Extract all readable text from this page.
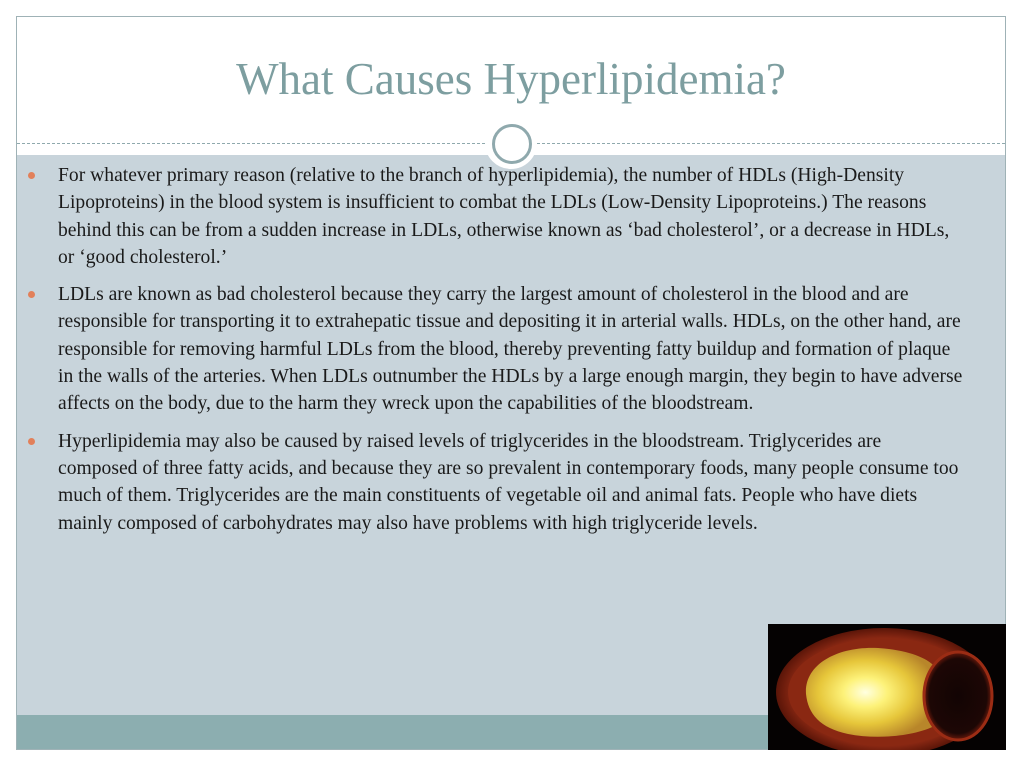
What Causes Hyperlipidemia?
For whatever primary reason (relative to the branch of hyperlipidemia), the number of HDLs (High-Density Lipoproteins) in the blood system is insufficient to combat the LDLs (Low-Density Lipoproteins.) The reasons behind this can be from a sudden increase in LDLs, otherwise known as ‘bad cholesterol’, or a decrease in HDLs, or ‘good cholesterol.’
LDLs are known as bad cholesterol because they carry the largest amount of cholesterol in the blood and are responsible for transporting it to extrahepatic tissue and depositing it in arterial walls. HDLs, on the other hand, are responsible for removing harmful LDLs from the blood, thereby preventing fatty buildup and formation of plaque in the walls of the arteries. When LDLs outnumber the HDLs by a large enough margin, they begin to have adverse affects on the body, due to the harm they wreck upon the capabilities of the bloodstream.
Hyperlipidemia may also be caused by raised levels of triglycerides in the bloodstream. Triglycerides are composed of three fatty acids, and because they are so prevalent in contemporary foods, many people consume too much of them. Triglycerides are the main constituents of vegetable oil and animal fats. People who have diets mainly composed of carbohydrates may also have problems with high triglyceride levels.
